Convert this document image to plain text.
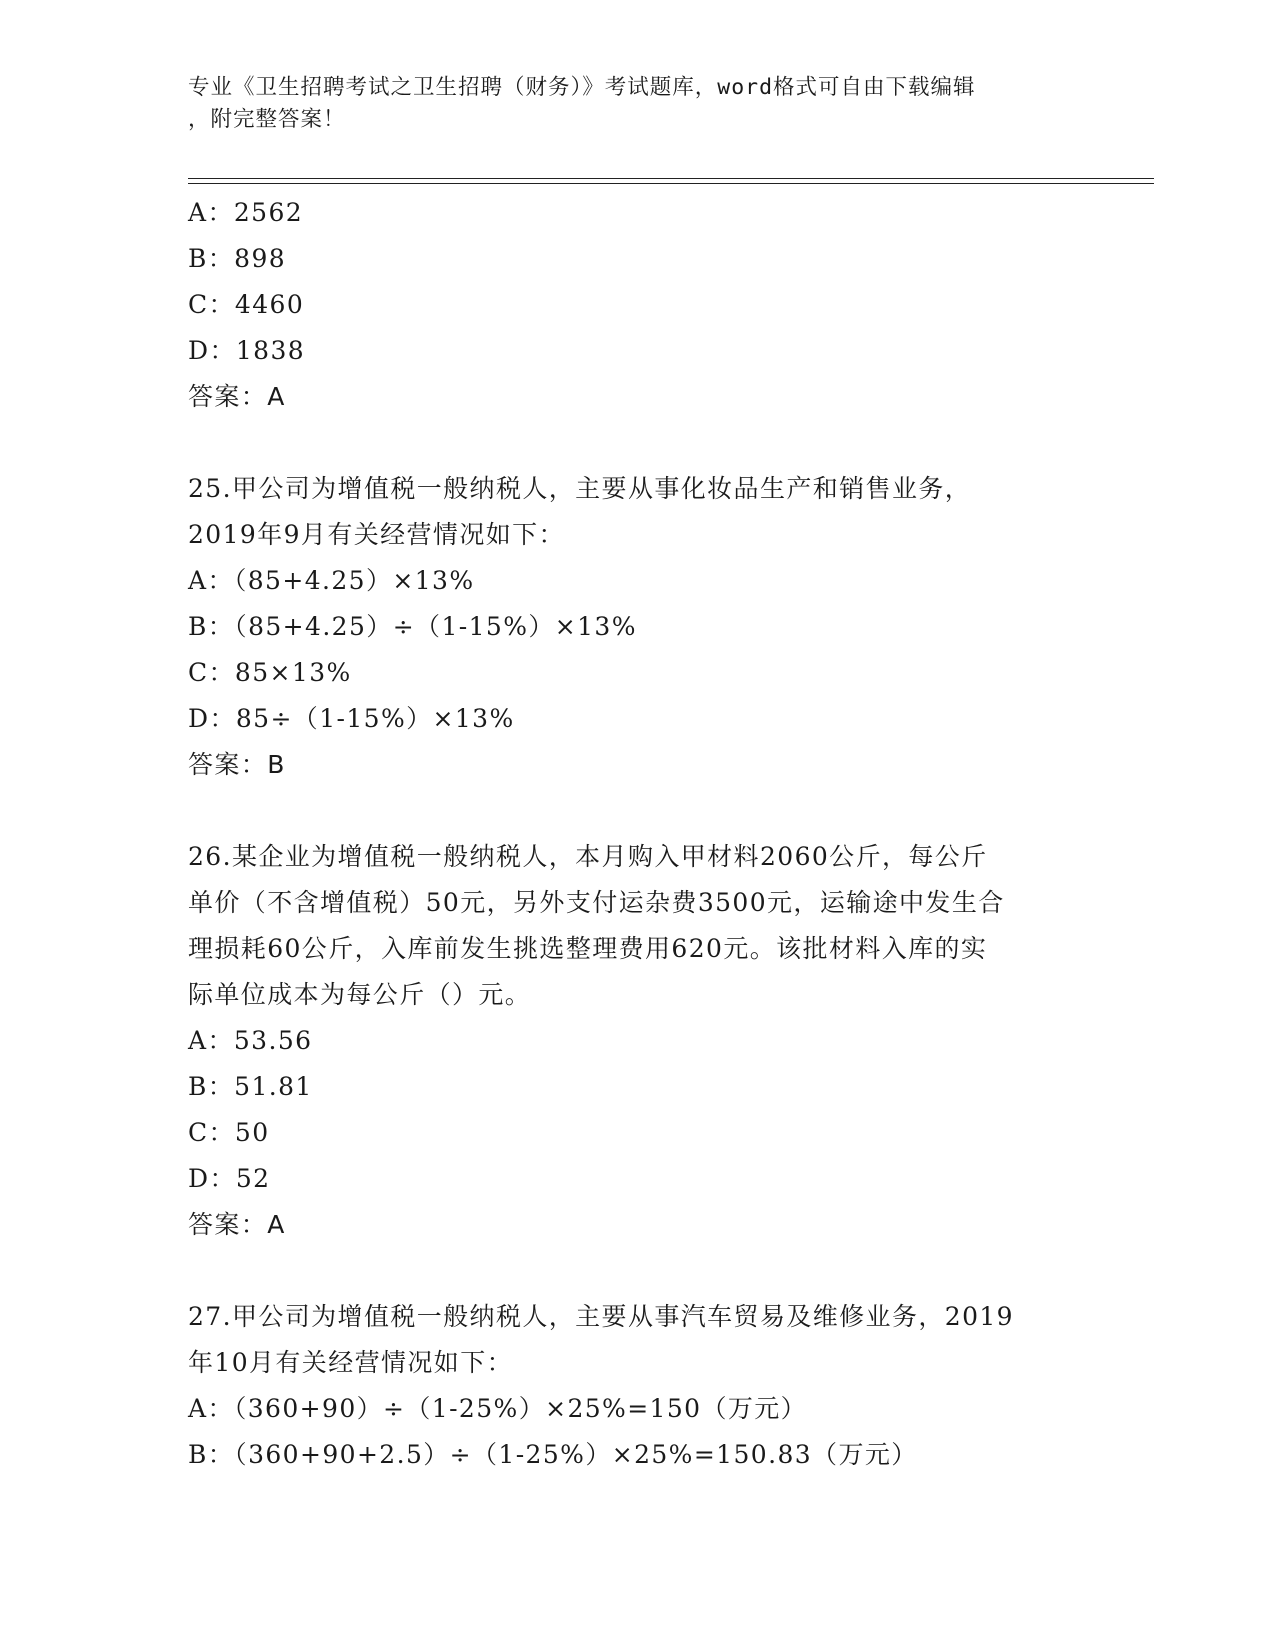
专业《卫生招聘考试之卫生招聘（财务）》考试题库，word格式可自由下载编辑
，附完整答案！
A：2562
B：898
C：4460
D：1838
答案：A
25.甲公司为增值税一般纳税人，主要从事化妆品生产和销售业务，
2019年9月有关经营情况如下：
A：（85+4.25）×13%
B：（85+4.25）÷（1-15%）×13%
C：85×13%
D：85÷（1-15%）×13%
答案：B
26.某企业为增值税一般纳税人，本月购入甲材料2060公斤，每公斤
单价（不含增值税）50元，另外支付运杂费3500元，运输途中发生合
理损耗60公斤，入库前发生挑选整理费用620元。该批材料入库的实
际单位成本为每公斤（）元。
A：53.56
B：51.81
C：50
D：52
答案：A
27.甲公司为增值税一般纳税人，主要从事汽车贸易及维修业务，2019
年10月有关经营情况如下：
A：（360+90）÷（1-25%）×25%=150（万元）
B：（360+90+2.5）÷（1-25%）×25%=150.83（万元）
